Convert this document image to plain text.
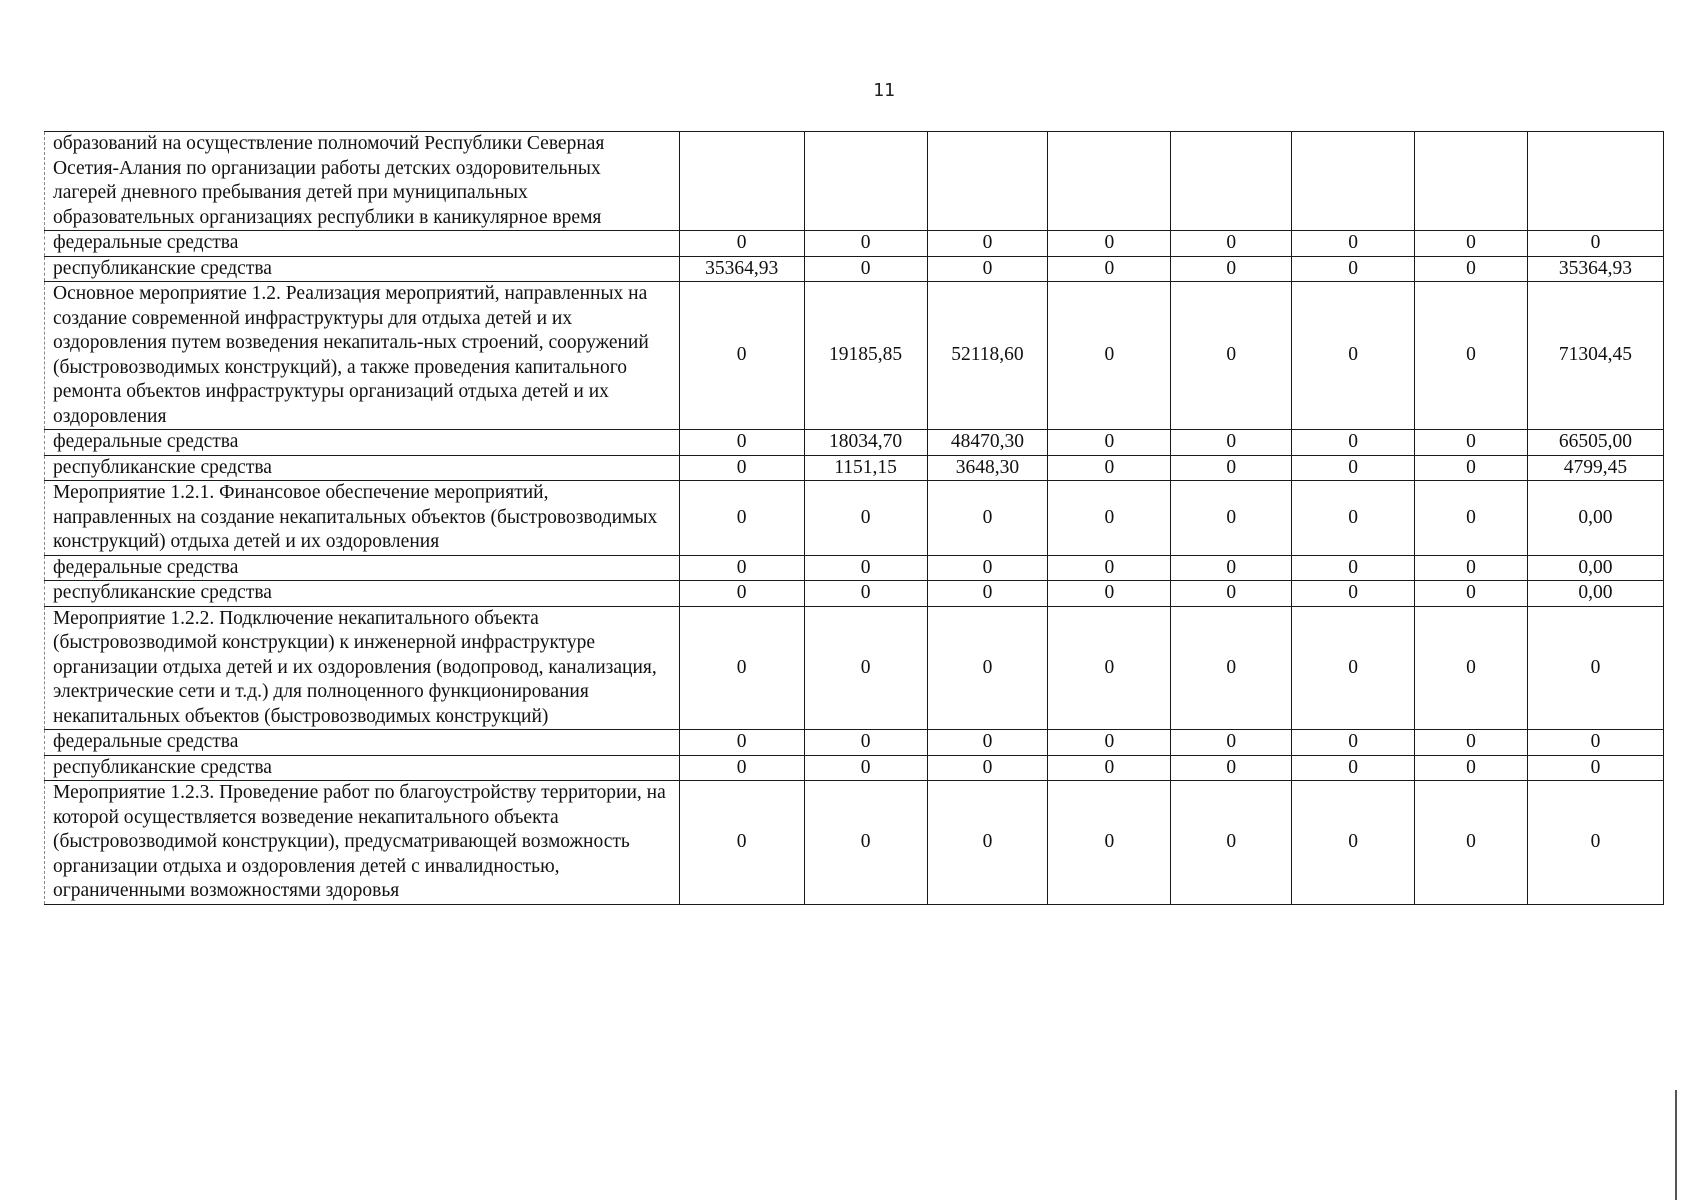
11
образований на осуществление полномочий Республики Северная Осетия-Алания по организации работы детских оздоровительных лагерей дневного пребывания детей при муниципальных образовательных организациях республики в каникулярное время								
федеральные средства	0	0	0	0	0	0	0	0
республиканские средства	35364,93	0	0	0	0	0	0	35364,93
Основное мероприятие 1.2. Реализация мероприятий, направленных на создание современной инфраструктуры для отдыха детей и их оздоровления путем возведения некапиталь-ных строений, сооружений (быстровозводимых конструкций), а также проведения капитального ремонта объектов инфраструктуры организаций отдыха детей и их оздоровления	0	19185,85	52118,60	0	0	0	0	71304,45
федеральные средства	0	18034,70	48470,30	0	0	0	0	66505,00
республиканские средства	0	1151,15	3648,30	0	0	0	0	4799,45
Мероприятие 1.2.1. Финансовое обеспечение мероприятий, направленных на создание некапитальных объектов (быстровозводимых конструкций) отдыха детей и их оздоровления	0	0	0	0	0	0	0	0,00
федеральные средства	0	0	0	0	0	0	0	0,00
республиканские средства	0	0	0	0	0	0	0	0,00
Мероприятие 1.2.2. Подключение некапитального объекта (быстровозводимой конструкции) к инженерной инфраструктуре организации отдыха детей и их оздоровления (водопровод, канализация, электрические сети и т.д.) для полноценного функционирования некапитальных объектов (быстровозводимых конструкций)	0	0	0	0	0	0	0	0
федеральные средства	0	0	0	0	0	0	0	0
республиканские средства	0	0	0	0	0	0	0	0
Мероприятие 1.2.3. Проведение работ по благоустройству территории, на которой осуществляется возведение некапитального объекта (быстровозводимой конструкции), предусматривающей возможность организации отдыха и оздоровления детей с инвалидностью, ограниченными возможностями здоровья	0	0	0	0	0	0	0	0
